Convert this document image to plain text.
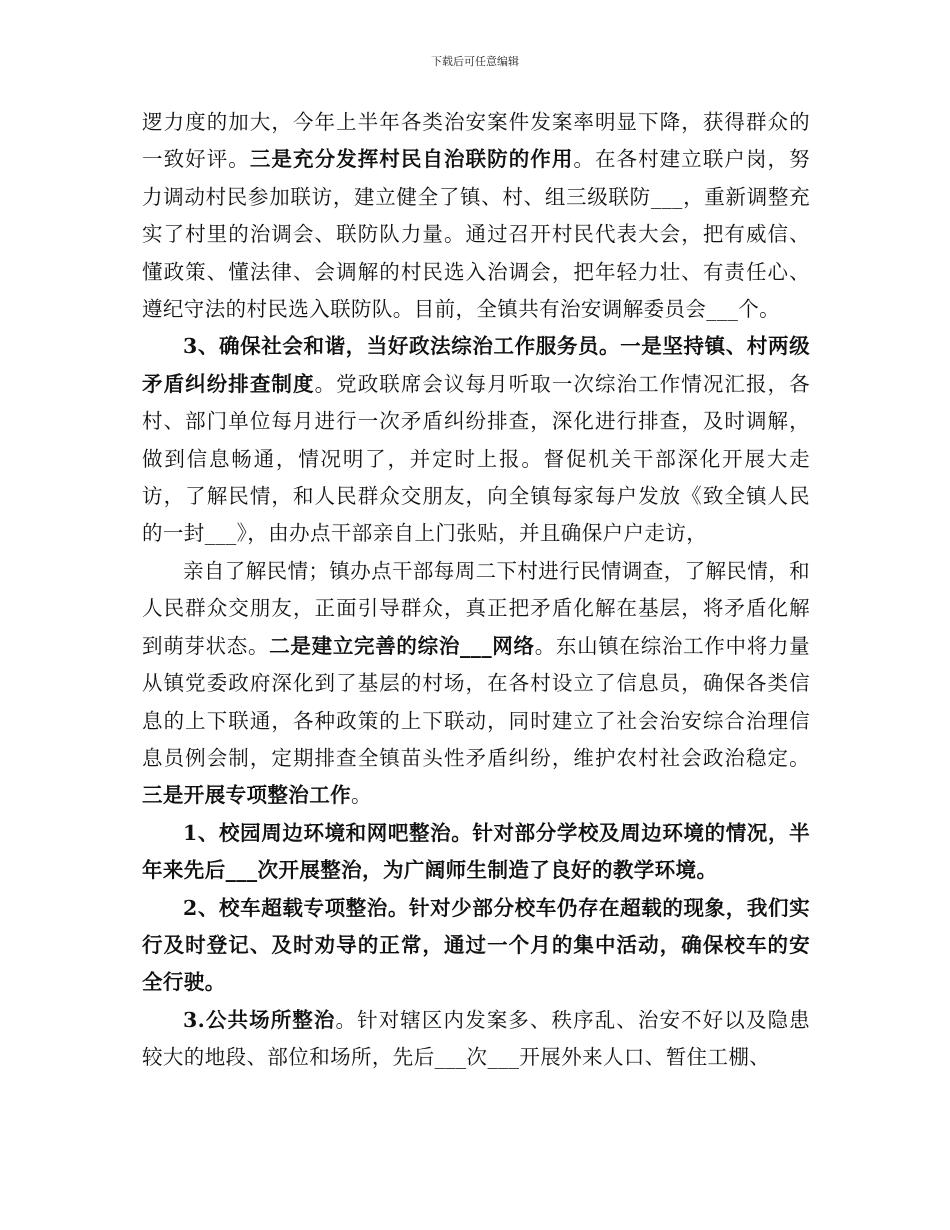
下载后可任意编辑

逻力度的加大，今年上半年各类治安案件发案率明显下降，获得群众的一致好评。三是充分发挥村民自治联防的作用。在各村建立联户岗，努力调动村民参加联访，建立健全了镇、村、组三级联防___，重新调整充实了村里的治调会、联防队力量。通过召开村民代表大会，把有威信、懂政策、懂法律、会调解的村民选入治调会，把年轻力壮、有责任心、遵纪守法的村民选入联防队。目前，全镇共有治安调解委员会___个。

3、确保社会和谐，当好政法综治工作服务员。一是坚持镇、村两级矛盾纠纷排查制度。党政联席会议每月听取一次综治工作情况汇报，各村、部门单位每月进行一次矛盾纠纷排查，深化进行排查，及时调解，做到信息畅通，情况明了，并定时上报。督促机关干部深化开展大走访，了解民情，和人民群众交朋友，向全镇每家每户发放《致全镇人民的一封___》，由办点干部亲自上门张贴，并且确保户户走访，

亲自了解民情；镇办点干部每周二下村进行民情调查，了解民情，和人民群众交朋友，正面引导群众，真正把矛盾化解在基层，将矛盾化解到萌芽状态。二是建立完善的综治___网络。东山镇在综治工作中将力量从镇党委政府深化到了基层的村场，在各村设立了信息员，确保各类信息的上下联通，各种政策的上下联动，同时建立了社会治安综合治理信息员例会制，定期排查全镇苗头性矛盾纠纷，维护农村社会政治稳定。三是开展专项整治工作。

1、校园周边环境和网吧整治。针对部分学校及周边环境的情况，半年来先后___次开展整治，为广阔师生制造了良好的教学环境。

2、校车超载专项整治。针对少部分校车仍存在超载的现象，我们实行及时登记、及时劝导的正常，通过一个月的集中活动，确保校车的安全行驶。

3.公共场所整治。针对辖区内发案多、秩序乱、治安不好以及隐患较大的地段、部位和场所，先后___次___开展外来人口、暂住工棚、
